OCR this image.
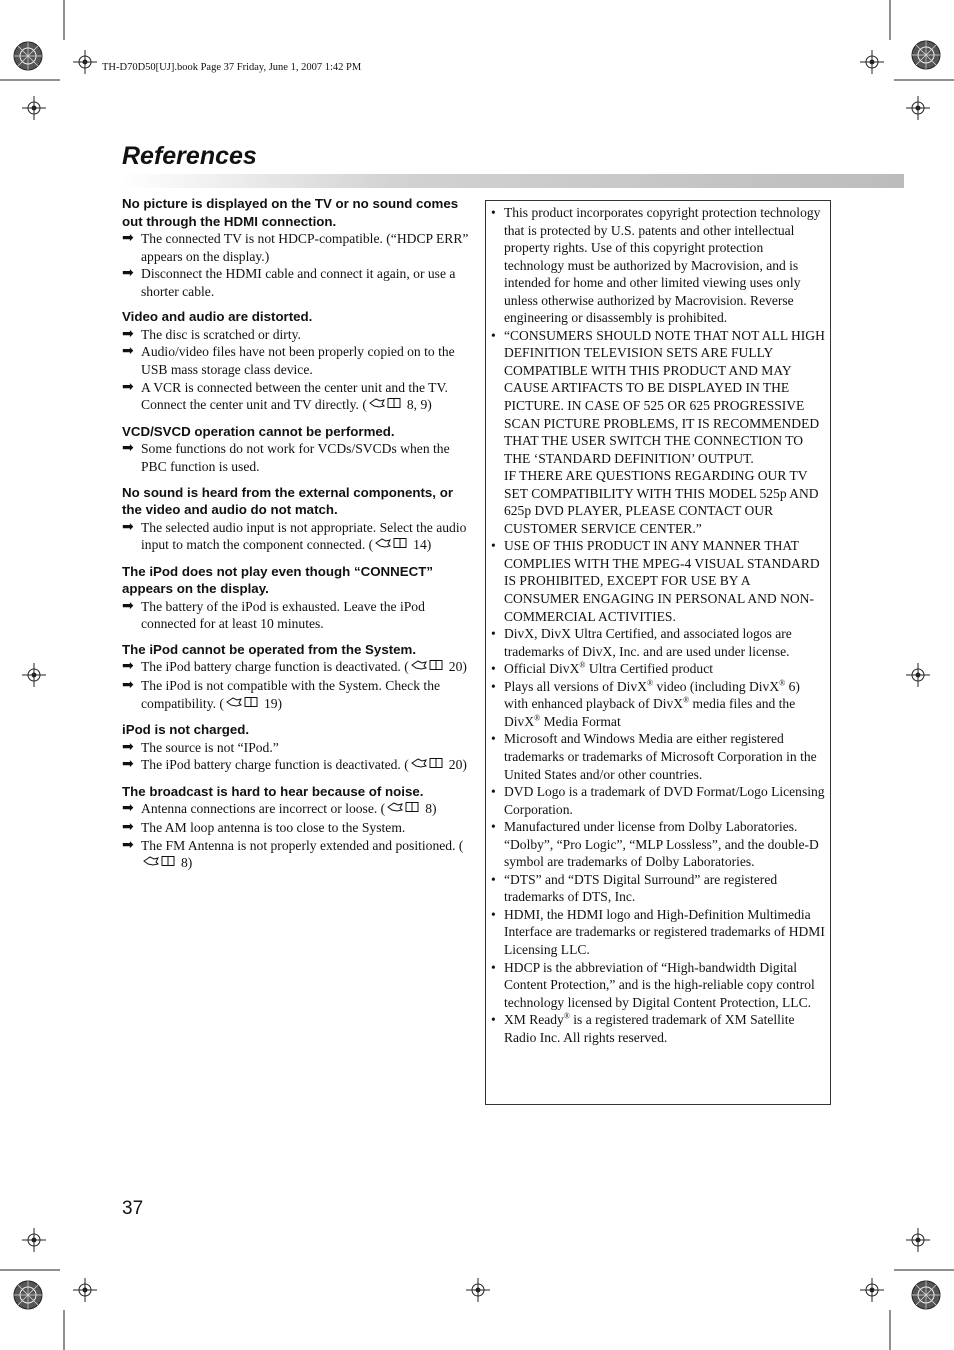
TH-D70D50[UJ].book Page 37 Friday, June 1, 2007 1:42 PM
References

No picture is displayed on the TV or no sound comes out through the HDMI connection.

➡ The connected TV is not HDCP-compatible. (“HDCP ERR” appears on the display.)
➡ Disconnect the HDMI cable and connect it again, or use a shorter cable.

Video and audio are distorted.

➡ The disc is scratched or dirty.
➡ Audio/video files have not been properly copied on to the USB mass storage class device.
➡ A VCR is connected between the center unit and the TV. Connect the center unit and TV directly. (	8, 9)

VCD/SVCD operation cannot be performed.

➡ Some functions do not work for VCDs/SVCDs when the PBC function is used.

No sound is heard from the external components, or the video and audio do not match.

➡ The selected audio input is not appropriate. Select the audio input to match the component connected. (	14)

The iPod does not play even though “CONNECT” appears on the display.

➡ The battery of the iPod is exhausted. Leave the iPod connected for at least 10 minutes.

The iPod cannot be operated from the System.

➡ The iPod battery charge function is deactivated. (	20)
➡ The iPod is not compatible with the System. Check the compatibility. (	19)

iPod is not charged.

➡ The source is not “IPod.”
➡ The iPod battery charge function is deactivated. (	20)

The broadcast is hard to hear because of noise.

➡ Antenna connections are incorrect or loose. (	8)
➡ The AM loop antenna is too close to the System.
➡ The FM Antenna is not properly extended and positioned. (8)
• This product incorporates copyright protection technology that is protected by U.S. patents and other intellectual property rights. Use of this copyright protection technology must be authorized by Macrovision, and is intended for home and other limited viewing uses only unless otherwise authorized by Macrovision. Reverse engineering or disassembly is prohibited.
• “CONSUMERS SHOULD NOTE THAT NOT ALL HIGH DEFINITION TELEVISION SETS ARE FULLY COMPATIBLE WITH THIS PRODUCT AND MAY CAUSE ARTIFACTS TO BE DISPLAYED IN THE PICTURE. IN CASE OF 525 OR 625 PROGRESSIVE SCAN PICTURE PROBLEMS, IT IS RECOMMENDED THAT THE USER SWITCH THE CONNECTION TO THE ‘STANDARD DEFINITION’ OUTPUT.
IF THERE ARE QUESTIONS REGARDING OUR TV SET COMPATIBILITY WITH THIS MODEL 525p AND 625p DVD PLAYER, PLEASE CONTACT OUR CUSTOMER SERVICE CENTER.”
• USE OF THIS PRODUCT IN ANY MANNER THAT COMPLIES WITH THE MPEG-4 VISUAL STANDARD IS PROHIBITED, EXCEPT FOR USE BY A CONSUMER ENGAGING IN PERSONAL AND NON-COMMERCIAL ACTIVITIES.
• DivX, DivX Ultra Certified, and associated logos are trademarks of DivX, Inc. and are used under license.
• Official DivX® Ultra Certified product
• Plays all versions of DivX® video (including DivX® 6) with enhanced playback of DivX® media files and the DivX® Media Format
• Microsoft and Windows Media are either registered trademarks or trademarks of Microsoft Corporation in the United States and/or other countries.
• DVD Logo is a trademark of DVD Format/Logo Licensing Corporation.
• Manufactured under license from Dolby Laboratories. “Dolby”, “Pro Logic”, “MLP Lossless”, and the double-D symbol are trademarks of Dolby Laboratories.
• “DTS” and “DTS Digital Surround” are registered trademarks of DTS, Inc.
• HDMI, the HDMI logo and High-Definition Multimedia Interface are trademarks or registered trademarks of HDMI Licensing LLC.
• HDCP is the abbreviation of “High-bandwidth Digital Content Protection,” and is the high-reliable copy control technology licensed by Digital Content Protection, LLC.
• XM Ready® is a registered trademark of XM Satellite Radio Inc. All rights reserved.
37
